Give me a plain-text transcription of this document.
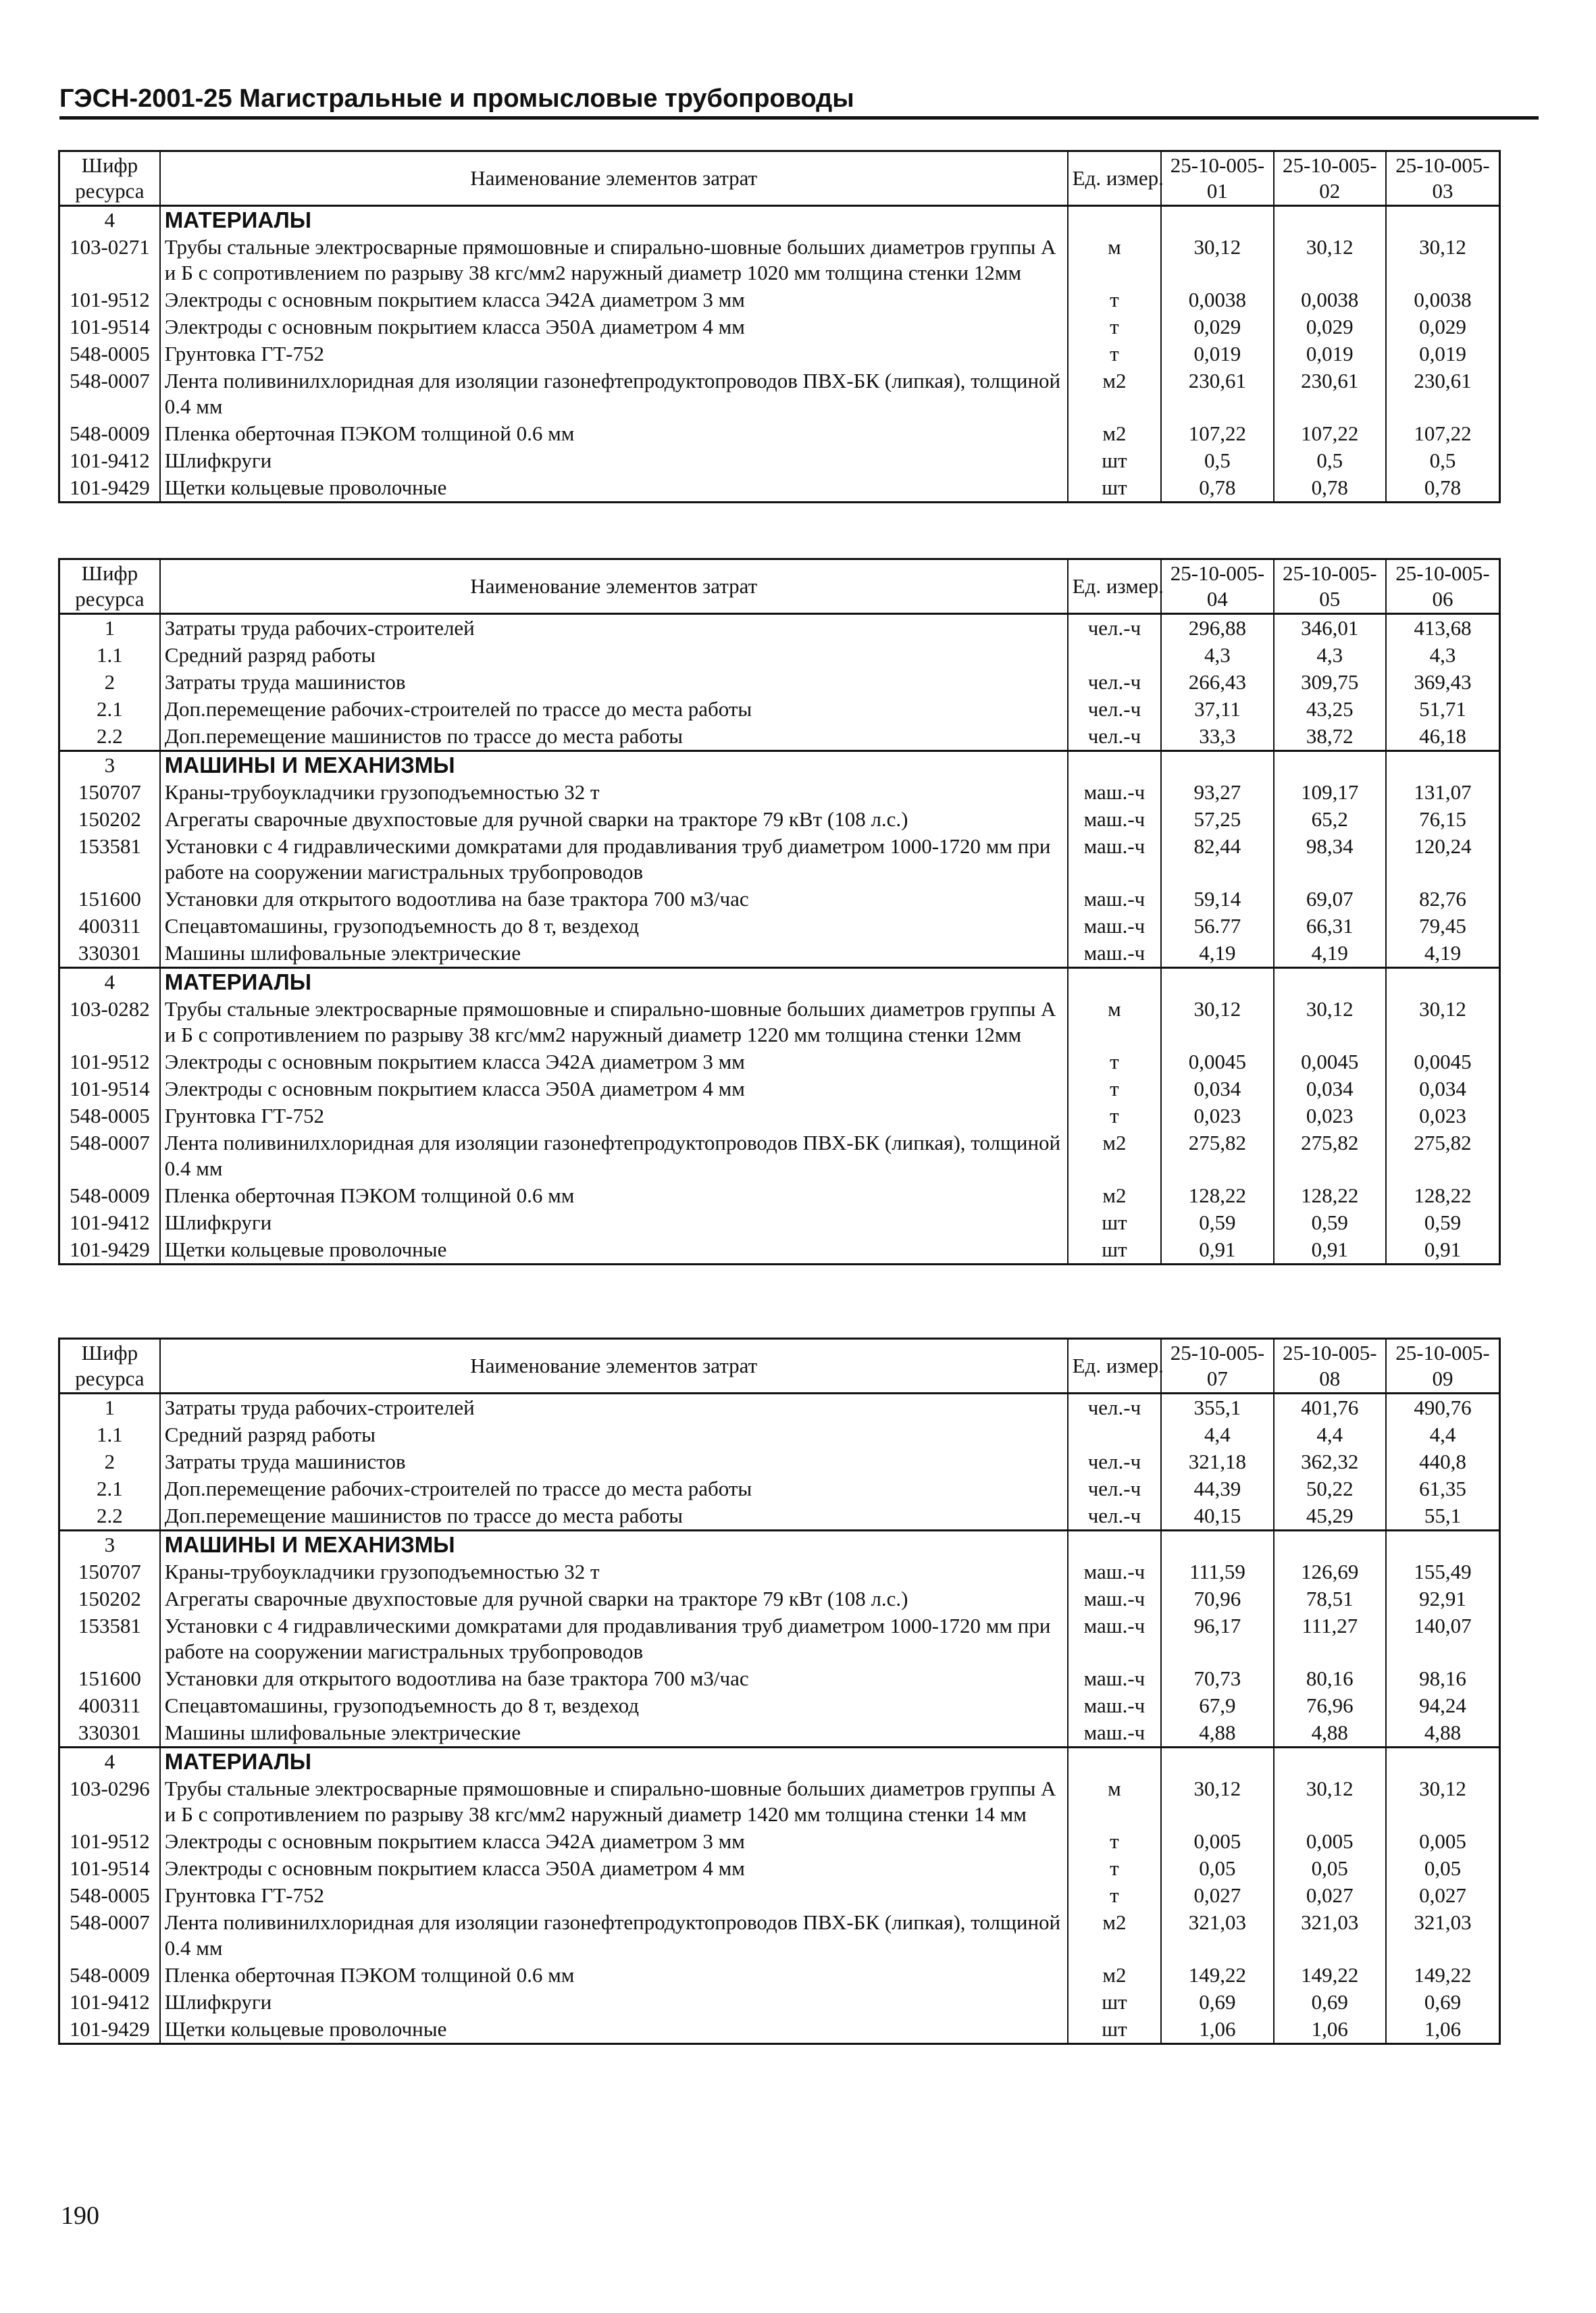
ГЭСН-2001-25 Магистральные и промысловые трубопроводы
Шифр ресурса	Наименование элементов затрат	Ед. измер.	25-10-005-01	25-10-005-02	25-10-005-03
4	МАТЕРИАЛЫ				
103-0271	Трубы стальные электросварные прямошовные и спирально-шовные больших диаметров группы А и Б с сопротивлением по разрыву 38 кгс/мм2 наружный диаметр 1020 мм толщина стенки 12мм	м	30,12	30,12	30,12
101-9512	Электроды с основным покрытием класса Э42А диаметром 3 мм	т	0,0038	0,0038	0,0038
101-9514	Электроды с основным покрытием класса Э50А диаметром 4 мм	т	0,029	0,029	0,029
548-0005	Грунтовка ГТ-752	т	0,019	0,019	0,019
548-0007	Лента поливинилхлоридная для изоляции газонефтепродуктопроводов ПВХ-БК (липкая), толщиной 0.4 мм	м2	230,61	230,61	230,61
548-0009	Пленка оберточная ПЭКОМ толщиной 0.6 мм	м2	107,22	107,22	107,22
101-9412	Шлифкруги	шт	0,5	0,5	0,5
101-9429	Щетки кольцевые проволочные	шт	0,78	0,78	0,78
Шифр ресурса	Наименование элементов затрат	Ед. измер.	25-10-005-04	25-10-005-05	25-10-005-06
1	Затраты труда рабочих-строителей	чел.-ч	296,88	346,01	413,68
1.1	Средний разряд работы		4,3	4,3	4,3
2	Затраты труда машинистов	чел.-ч	266,43	309,75	369,43
2.1	Доп.перемещение рабочих-строителей по трассе до места работы	чел.-ч	37,11	43,25	51,71
2.2	Доп.перемещение машинистов по трассе до места работы	чел.-ч	33,3	38,72	46,18
3	МАШИНЫ И МЕХАНИЗМЫ				
150707	Краны-трубоукладчики грузоподъемностью 32 т	маш.-ч	93,27	109,17	131,07
150202	Агрегаты сварочные двухпостовые для ручной сварки на тракторе 79 кВт (108 л.с.)	маш.-ч	57,25	65,2	76,15
153581	Установки с 4 гидравлическими домкратами для продавливания труб диаметром 1000-1720 мм при работе на сооружении магистральных трубопроводов	маш.-ч	82,44	98,34	120,24
151600	Установки для открытого водоотлива на базе трактора 700 м3/час	маш.-ч	59,14	69,07	82,76
400311	Спецавтомашины, грузоподъемность до 8 т, вездеход	маш.-ч	56.77	66,31	79,45
330301	Машины шлифовальные электрические	маш.-ч	4,19	4,19	4,19
4	МАТЕРИАЛЫ				
103-0282	Трубы стальные электросварные прямошовные и спирально-шовные больших диаметров группы А и Б с сопротивлением по разрыву 38 кгс/мм2 наружный диаметр 1220 мм толщина стенки 12мм	м	30,12	30,12	30,12
101-9512	Электроды с основным покрытием класса Э42А диаметром 3 мм	т	0,0045	0,0045	0,0045
101-9514	Электроды с основным покрытием класса Э50А диаметром 4 мм	т	0,034	0,034	0,034
548-0005	Грунтовка ГТ-752	т	0,023	0,023	0,023
548-0007	Лента поливинилхлоридная для изоляции газонефтепродуктопроводов ПВХ-БК (липкая), толщиной 0.4 мм	м2	275,82	275,82	275,82
548-0009	Пленка оберточная ПЭКОМ толщиной 0.6 мм	м2	128,22	128,22	128,22
101-9412	Шлифкруги	шт	0,59	0,59	0,59
101-9429	Щетки кольцевые проволочные	шт	0,91	0,91	0,91
Шифр ресурса	Наименование элементов затрат	Ед. измер.	25-10-005-07	25-10-005-08	25-10-005-09
1	Затраты труда рабочих-строителей	чел.-ч	355,1	401,76	490,76
1.1	Средний разряд работы		4,4	4,4	4,4
2	Затраты труда машинистов	чел.-ч	321,18	362,32	440,8
2.1	Доп.перемещение рабочих-строителей по трассе до места работы	чел.-ч	44,39	50,22	61,35
2.2	Доп.перемещение машинистов по трассе до места работы	чел.-ч	40,15	45,29	55,1
3	МАШИНЫ И МЕХАНИЗМЫ				
150707	Краны-трубоукладчики грузоподъемностью 32 т	маш.-ч	111,59	126,69	155,49
150202	Агрегаты сварочные двухпостовые для ручной сварки на тракторе 79 кВт (108 л.с.)	маш.-ч	70,96	78,51	92,91
153581	Установки с 4 гидравлическими домкратами для продавливания труб диаметром 1000-1720 мм при работе на сооружении магистральных трубопроводов	маш.-ч	96,17	111,27	140,07
151600	Установки для открытого водоотлива на базе трактора 700 м3/час	маш.-ч	70,73	80,16	98,16
400311	Спецавтомашины, грузоподъемность до 8 т, вездеход	маш.-ч	67,9	76,96	94,24
330301	Машины шлифовальные электрические	маш.-ч	4,88	4,88	4,88
4	МАТЕРИАЛЫ				
103-0296	Трубы стальные электросварные прямошовные и спирально-шовные больших диаметров группы А и Б с сопротивлением по разрыву 38 кгс/мм2 наружный диаметр 1420 мм толщина стенки 14 мм	м	30,12	30,12	30,12
101-9512	Электроды с основным покрытием класса Э42А диаметром 3 мм	т	0,005	0,005	0,005
101-9514	Электроды с основным покрытием класса Э50А диаметром 4 мм	т	0,05	0,05	0,05
548-0005	Грунтовка ГТ-752	т	0,027	0,027	0,027
548-0007	Лента поливинилхлоридная для изоляции газонефтепродуктопроводов ПВХ-БК (липкая), толщиной 0.4 мм	м2	321,03	321,03	321,03
548-0009	Пленка оберточная ПЭКОМ толщиной 0.6 мм	м2	149,22	149,22	149,22
101-9412	Шлифкруги	шт	0,69	0,69	0,69
101-9429	Щетки кольцевые проволочные	шт	1,06	1,06	1,06
190
